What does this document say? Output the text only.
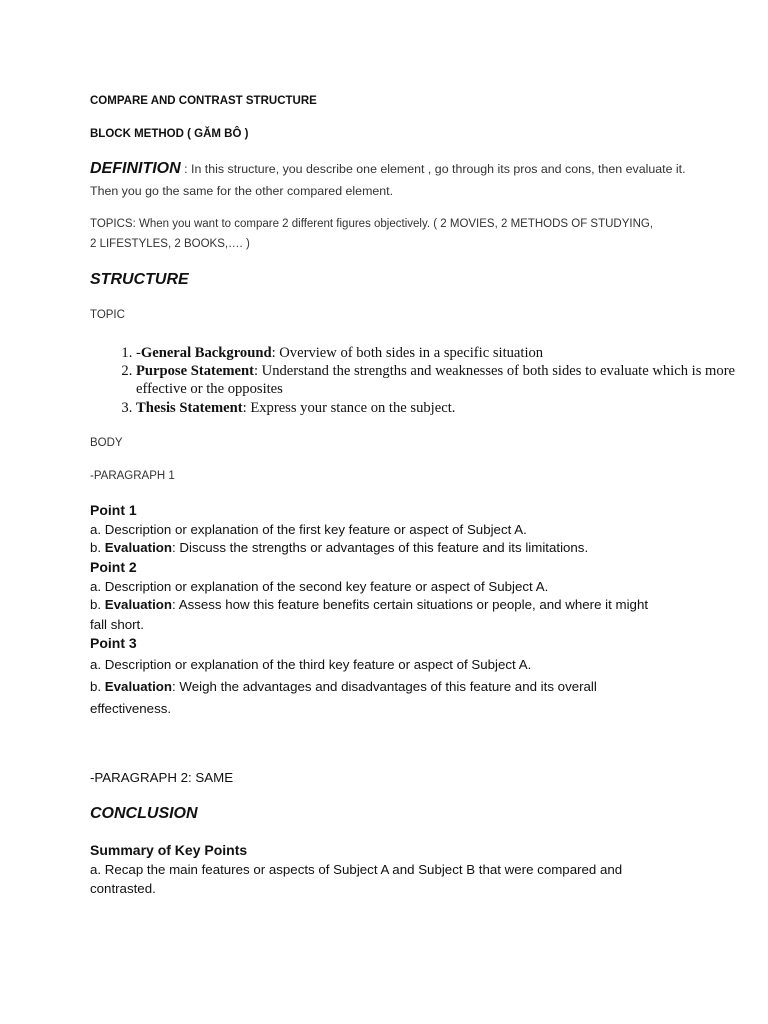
COMPARE AND CONTRAST STRUCTURE
BLOCK METHOD ( GĂM BÔ )
DEFINITION : In this structure, you describe one element , go through its pros and cons, then evaluate it.
Then you go the same for the other compared element.
TOPICS: When you want to compare 2 different figures objectively. ( 2 MOVIES, 2 METHODS OF STUDYING,
2 LIFESTYLES, 2 BOOKS,…. )
STRUCTURE
TOPIC
1. -General Background: Overview of both sides in a specific situation
2. Purpose Statement: Understand the strengths and weaknesses of both sides to evaluate which is more effective or the opposites
3. Thesis Statement: Express your stance on the subject.
BODY
-PARAGRAPH 1
Point 1
a. Description or explanation of the first key feature or aspect of Subject A.
b. Evaluation: Discuss the strengths or advantages of this feature and its limitations.
Point 2
a. Description or explanation of the second key feature or aspect of Subject A.
b. Evaluation: Assess how this feature benefits certain situations or people, and where it might
fall short.
Point 3
a. Description or explanation of the third key feature or aspect of Subject A.
b. Evaluation: Weigh the advantages and disadvantages of this feature and its overall
effectiveness.
-PARAGRAPH 2: SAME
CONCLUSION
Summary of Key Points
a. Recap the main features or aspects of Subject A and Subject B that were compared and
contrasted.
